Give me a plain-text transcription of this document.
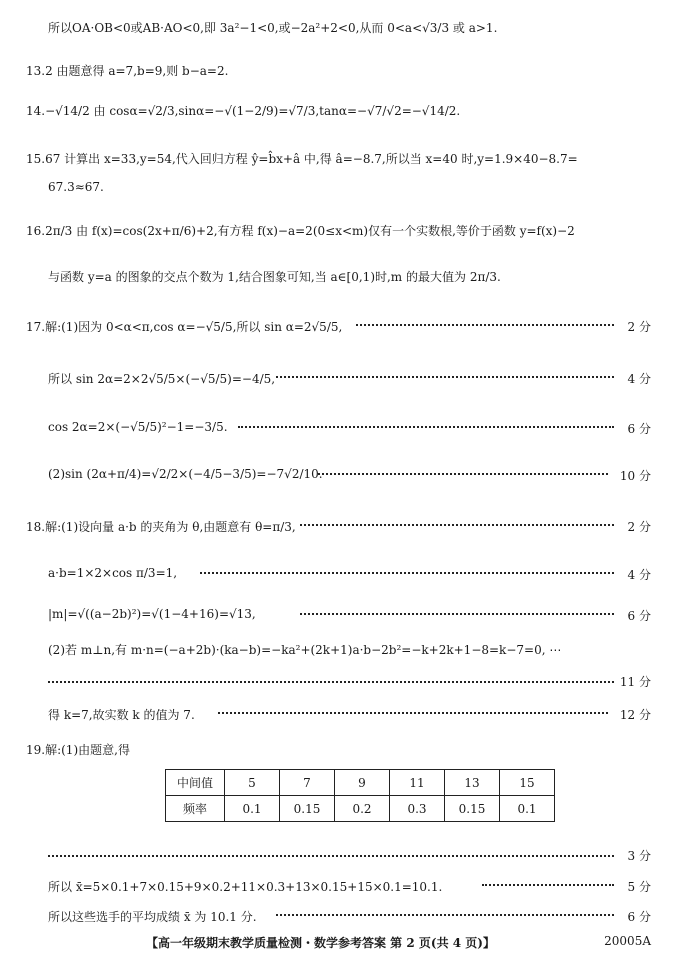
所以OA·OB<0或AB·AO<0,即 3a²−1<0,或−2a²+2<0,从而 0<a<√3/3 或 a>1.
13.2 由题意得 a=7,b=9,则 b−a=2.
14.−√14/2 由 cosα=√2/3,sinα=−√(1−2/9)=√7/3,tanα=−√7/√2=−√14/2.
15.67 计算出 x=33,y=54,代入回归方程 ŷ=b̂x+â 中,得 â=−8.7,所以当 x=40 时,y=1.9×40−8.7=
67.3≈67.
16.2π/3 由 f(x)=cos(2x+π/6)+2,有方程 f(x)−a=2(0≤x<m)仅有一个实数根,等价于函数 y=f(x)−2
与函数 y=a 的图象的交点个数为 1,结合图象可知,当 a∈[0,1)时,m 的最大值为 2π/3.
17.解:(1)因为 0<α<π,cos α=−√5/5,所以 sin α=2√5/5,	2 分
所以 sin 2α=2×2√5/5×(−√5/5)=−4/5,	4 分
cos 2α=2×(−√5/5)²−1=−3/5.	6 分
(2)sin (2α+π/4)=√2/2×(−4/5−3/5)=−7√2/10.	10 分
18.解:(1)设向量 a·b 的夹角为 θ,由题意有 θ=π/3,	2 分
a·b=1×2×cos π/3=1,	4 分
|m|=√((a−2b)²)=√(1−4+16)=√13,	6 分
(2)若 m⊥n,有 m·n=(−a+2b)·(ka−b)=−ka²+(2k+1)a·b−2b²=−k+2k+1−8=k−7=0, ⋯
11 分
得 k=7,故实数 k 的值为 7.	12 分
19.解:(1)由题意,得
中间值	5	7	9	11	13	15
频率	0.1	0.15	0.2	0.3	0.15	0.1
3 分
所以 x̄=5×0.1+7×0.15+9×0.2+11×0.3+13×0.15+15×0.1=10.1.	5 分
所以这些选手的平均成绩 x̄ 为 10.1 分.	6 分
【高一年级期末教学质量检测・数学参考答案 第 2 页(共 4 页)】	20005A
